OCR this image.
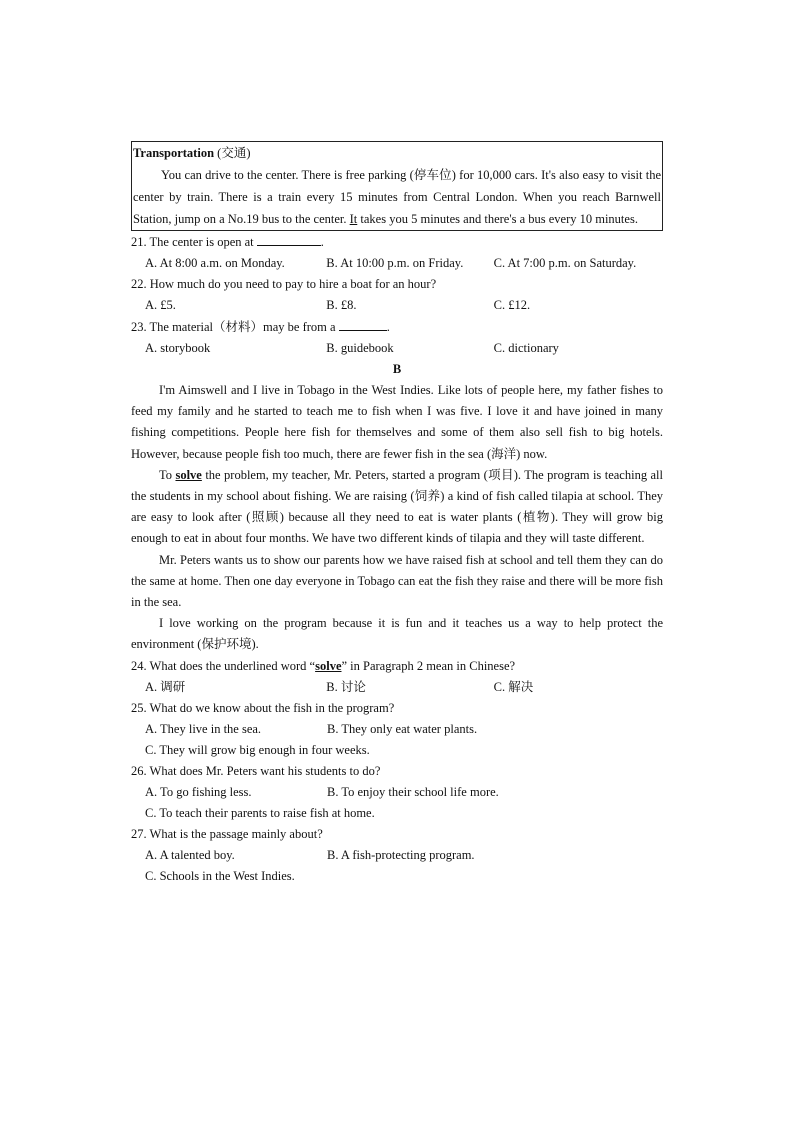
Transportation (交通)

You can drive to the center. There is free parking (停车位) for 10,000 cars. It's also easy to visit the center by train. There is a train every 15 minutes from Central London. When you reach Barnwell Station, jump on a No.19 bus to the center. It takes you 5 minutes and there's a bus every 10 minutes.

21. The center is open at	.

A. At 8:00 a.m. on Monday.	B. At 10:00 p.m. on Friday.	C. At 7:00 p.m. on Saturday.

22. How much do you need to pay to hire a boat for an hour?

A. £5.	B. £8.	C. £12.

23. The material（材料）may be from a	.

A. storybook	B. guidebook	C. dictionary

B

I'm Aimswell and I live in Tobago in the West Indies. Like lots of people here, my father fishes to feed my family and he started to teach me to fish when I was five. I love it and have joined in many fishing competitions. People here fish for themselves and some of them also sell fish to big hotels. However, because people fish too much, there are fewer fish in the sea (海洋) now.

To solve the problem, my teacher, Mr. Peters, started a program (项目). The program is teaching all the students in my school about fishing. We are raising (饲养) a kind of fish called tilapia at school. They are easy to look after (照顾) because all they need to eat is water plants (植物). They will grow big enough to eat in about four months. We have two different kinds of tilapia and they will taste different.

Mr. Peters wants us to show our parents how we have raised fish at school and tell them they can do the same at home. Then one day everyone in Tobago can eat the fish they raise and there will be more fish in the sea.

I love working on the program because it is fun and it teaches us a way to help protect the environment (保护环境).

24. What does the underlined word “solve” in Paragraph 2 mean in Chinese?

A. 调研	B. 讨论	C. 解决

25. What do we know about the fish in the program?

A. They live in the sea.	B. They only eat water plants.

C. They will grow big enough in four weeks.

26. What does Mr. Peters want his students to do?

A. To go fishing less.	B. To enjoy their school life more.

C. To teach their parents to raise fish at home.

27. What is the passage mainly about?

A. A talented boy.	B. A fish-protecting program.

C. Schools in the West Indies.
